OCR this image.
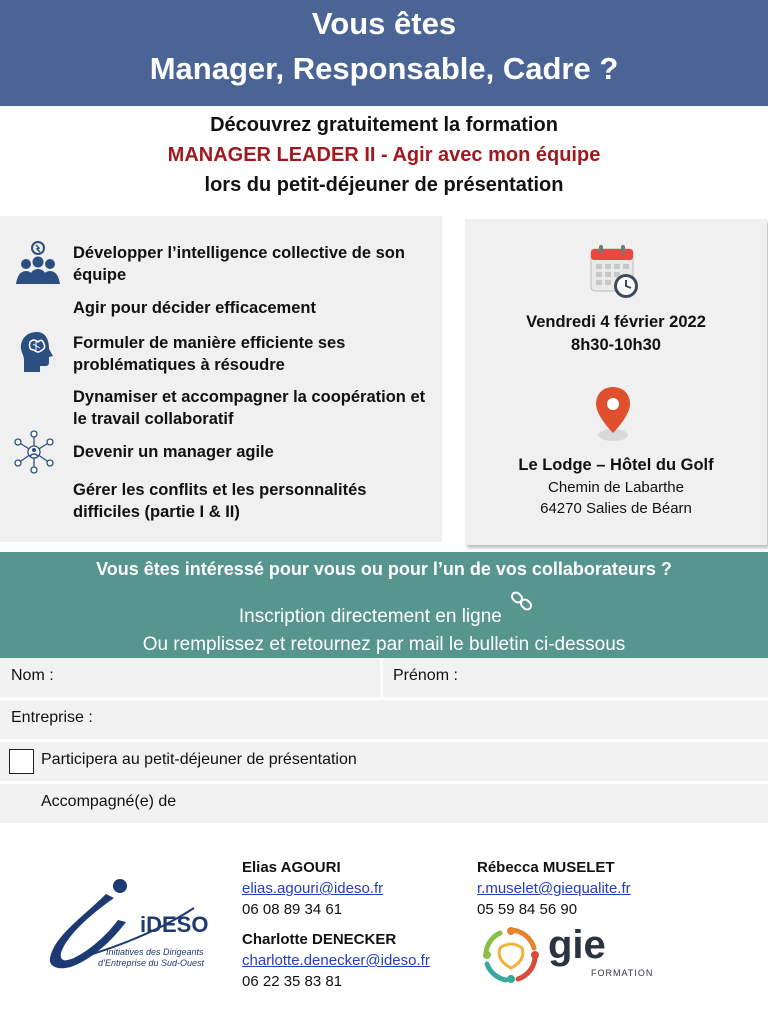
Vous êtes
Manager, Responsable, Cadre ?
Découvrez gratuitement la formation
MANAGER LEADER II - Agir avec mon équipe
lors du petit-déjeuner de présentation
Développer l’intelligence collective de son équipe
Agir pour décider efficacement
Formuler de manière efficiente ses problématiques à résoudre
Dynamiser et accompagner la coopération et le travail collaboratif
Devenir un manager agile
Gérer les conflits et les personnalités difficiles (partie I & II)
Vendredi 4 février 2022
8h30-10h30
Le Lodge – Hôtel du Golf
Chemin de Labarthe
64270 Salies de Béarn
Vous êtes intéressé pour vous ou pour l’un de vos collaborateurs ?
Inscription directement en ligne
Ou remplissez et retournez par mail le bulletin ci-dessous
Nom :	Prénom :
Entreprise :
Participera au petit-déjeuner de présentation
Accompagné(e) de
iDESO
Initiatives des Dirigeants
d’Entreprise du Sud-Ouest
Elias AGOURI
elias.agouri@ideso.fr
06 08 89 34 61
Charlotte DENECKER
charlotte.denecker@ideso.fr
06 22 35 83 81
Rébecca MUSELET
r.muselet@giequalite.fr
05 59 84 56 90
gie
FORMATION
